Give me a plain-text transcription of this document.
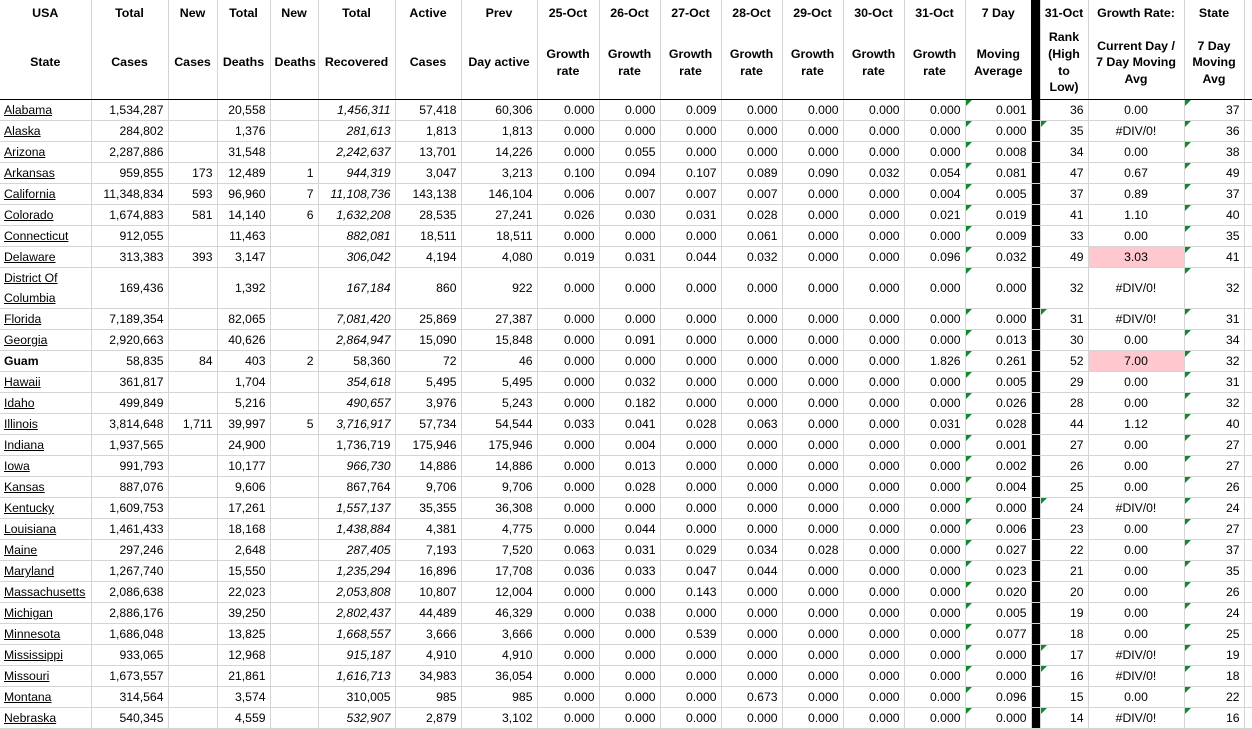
USA	Total	New	Total	New	Total	Active	Prev	25-Oct	26-Oct	27-Oct	28-Oct	29-Oct	30-Oct	31-Oct	7 Day		31-Oct	Growth Rate:	State	
State	Cases	Cases	Deaths	Deaths	Recovered	Cases	Day active	Growth rate	Growth rate	Growth rate	Growth rate	Growth rate	Growth rate	Growth rate	Moving Average		Rank (High to Low)	Current Day / 7 Day Moving Avg	7 Day Moving Avg	
Alabama	1,534,287		20,558		1,456,311	57,418	60,306	0.000	0.000	0.009	0.000	0.000	0.000	0.000	0.001		36	0.00	37	
Alaska	284,802		1,376		281,613	1,813	1,813	0.000	0.000	0.000	0.000	0.000	0.000	0.000	0.000		35	#DIV/0!	36	
Arizona	2,287,886		31,548		2,242,637	13,701	14,226	0.000	0.055	0.000	0.000	0.000	0.000	0.000	0.008		34	0.00	38	
Arkansas	959,855	173	12,489	1	944,319	3,047	3,213	0.100	0.094	0.107	0.089	0.090	0.032	0.054	0.081		47	0.67	49	
California	11,348,834	593	96,960	7	11,108,736	143,138	146,104	0.006	0.007	0.007	0.007	0.000	0.000	0.004	0.005		37	0.89	37	
Colorado	1,674,883	581	14,140	6	1,632,208	28,535	27,241	0.026	0.030	0.031	0.028	0.000	0.000	0.021	0.019		41	1.10	40	
Connecticut	912,055		11,463		882,081	18,511	18,511	0.000	0.000	0.000	0.061	0.000	0.000	0.000	0.009		33	0.00	35	
Delaware	313,383	393	3,147		306,042	4,194	4,080	0.019	0.031	0.044	0.032	0.000	0.000	0.096	0.032		49	3.03	41	
District Of Columbia	169,436		1,392		167,184	860	922	0.000	0.000	0.000	0.000	0.000	0.000	0.000	0.000		32	#DIV/0!	32	
Florida	7,189,354		82,065		7,081,420	25,869	27,387	0.000	0.000	0.000	0.000	0.000	0.000	0.000	0.000		31	#DIV/0!	31	
Georgia	2,920,663		40,626		2,864,947	15,090	15,848	0.000	0.091	0.000	0.000	0.000	0.000	0.000	0.013		30	0.00	34	
Guam	58,835	84	403	2	58,360	72	46	0.000	0.000	0.000	0.000	0.000	0.000	1.826	0.261		52	7.00	32	
Hawaii	361,817		1,704		354,618	5,495	5,495	0.000	0.032	0.000	0.000	0.000	0.000	0.000	0.005		29	0.00	31	
Idaho	499,849		5,216		490,657	3,976	5,243	0.000	0.182	0.000	0.000	0.000	0.000	0.000	0.026		28	0.00	32	
Illinois	3,814,648	1,711	39,997	5	3,716,917	57,734	54,544	0.033	0.041	0.028	0.063	0.000	0.000	0.031	0.028		44	1.12	40	
Indiana	1,937,565		24,900		1,736,719	175,946	175,946	0.000	0.004	0.000	0.000	0.000	0.000	0.000	0.001		27	0.00	27	
Iowa	991,793		10,177		966,730	14,886	14,886	0.000	0.013	0.000	0.000	0.000	0.000	0.000	0.002		26	0.00	27	
Kansas	887,076		9,606		867,764	9,706	9,706	0.000	0.028	0.000	0.000	0.000	0.000	0.000	0.004		25	0.00	26	
Kentucky	1,609,753		17,261		1,557,137	35,355	36,308	0.000	0.000	0.000	0.000	0.000	0.000	0.000	0.000		24	#DIV/0!	24	
Louisiana	1,461,433		18,168		1,438,884	4,381	4,775	0.000	0.044	0.000	0.000	0.000	0.000	0.000	0.006		23	0.00	27	
Maine	297,246		2,648		287,405	7,193	7,520	0.063	0.031	0.029	0.034	0.028	0.000	0.000	0.027		22	0.00	37	
Maryland	1,267,740		15,550		1,235,294	16,896	17,708	0.036	0.033	0.047	0.044	0.000	0.000	0.000	0.023		21	0.00	35	
Massachusetts	2,086,638		22,023		2,053,808	10,807	12,004	0.000	0.000	0.143	0.000	0.000	0.000	0.000	0.020		20	0.00	26	
Michigan	2,886,176		39,250		2,802,437	44,489	46,329	0.000	0.038	0.000	0.000	0.000	0.000	0.000	0.005		19	0.00	24	
Minnesota	1,686,048		13,825		1,668,557	3,666	3,666	0.000	0.000	0.539	0.000	0.000	0.000	0.000	0.077		18	0.00	25	
Mississippi	933,065		12,968		915,187	4,910	4,910	0.000	0.000	0.000	0.000	0.000	0.000	0.000	0.000		17	#DIV/0!	19	
Missouri	1,673,557		21,861		1,616,713	34,983	36,054	0.000	0.000	0.000	0.000	0.000	0.000	0.000	0.000		16	#DIV/0!	18	
Montana	314,564		3,574		310,005	985	985	0.000	0.000	0.000	0.673	0.000	0.000	0.000	0.096		15	0.00	22	
Nebraska	540,345		4,559		532,907	2,879	3,102	0.000	0.000	0.000	0.000	0.000	0.000	0.000	0.000		14	#DIV/0!	16	
